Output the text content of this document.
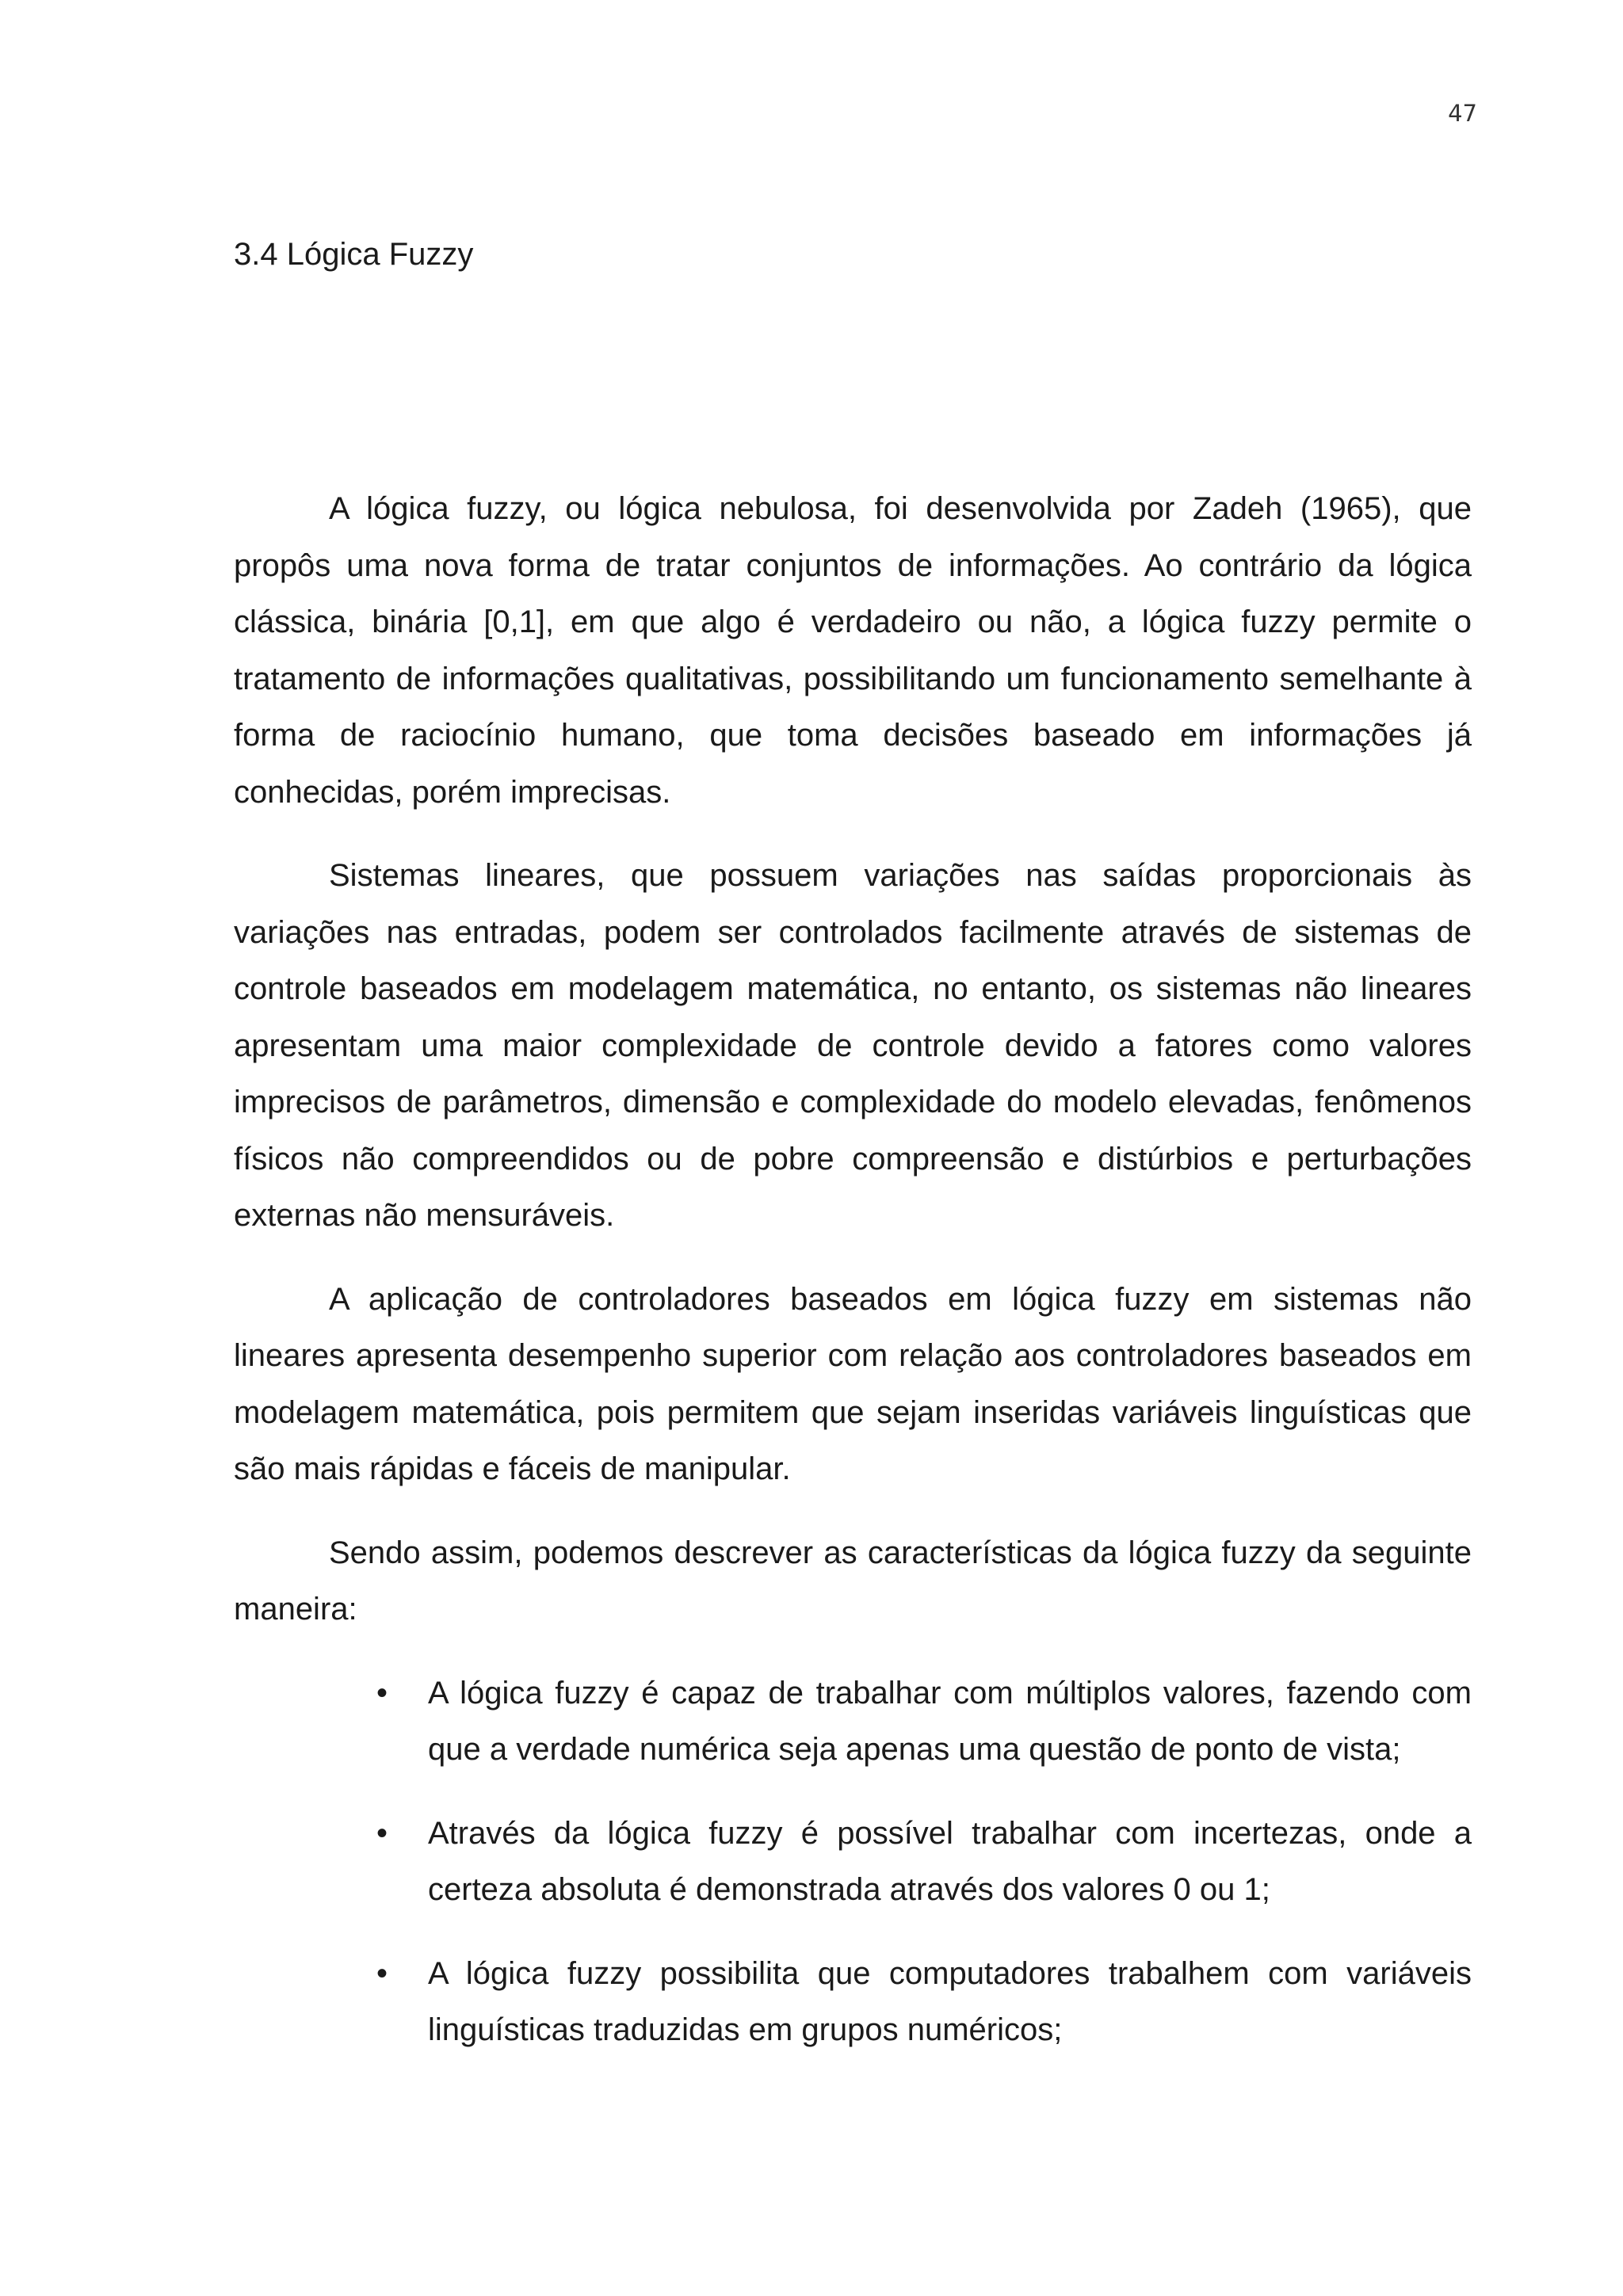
47
3.4 Lógica Fuzzy

A lógica fuzzy, ou lógica nebulosa, foi desenvolvida por Zadeh (1965), que propôs uma nova forma de tratar conjuntos de informações. Ao contrário da lógica clássica, binária [0,1], em que algo é verdadeiro ou não, a lógica fuzzy permite o tratamento de informações qualitativas, possibilitando um funcionamento semelhante à forma de raciocínio humano, que toma decisões baseado em informações já conhecidas, porém imprecisas.

Sistemas lineares, que possuem variações nas saídas proporcionais às variações nas entradas, podem ser controlados facilmente através de sistemas de controle baseados em modelagem matemática, no entanto, os sistemas não lineares apresentam uma maior complexidade de controle devido a fatores como valores imprecisos de parâmetros, dimensão e complexidade do modelo elevadas, fenômenos físicos não compreendidos ou de pobre compreensão e distúrbios e perturbações externas não mensuráveis.

A aplicação de controladores baseados em lógica fuzzy em sistemas não lineares apresenta desempenho superior com relação aos controladores baseados em modelagem matemática, pois permitem que sejam inseridas variáveis linguísticas que são mais rápidas e fáceis de manipular.

Sendo assim, podemos descrever as características da lógica fuzzy da seguinte maneira:

• A lógica fuzzy é capaz de trabalhar com múltiplos valores, fazendo com que a verdade numérica seja apenas uma questão de ponto de vista;
• Através da lógica fuzzy é possível trabalhar com incertezas, onde a certeza absoluta é demonstrada através dos valores 0 ou 1;
• A lógica fuzzy possibilita que computadores trabalhem com variáveis linguísticas traduzidas em grupos numéricos;
